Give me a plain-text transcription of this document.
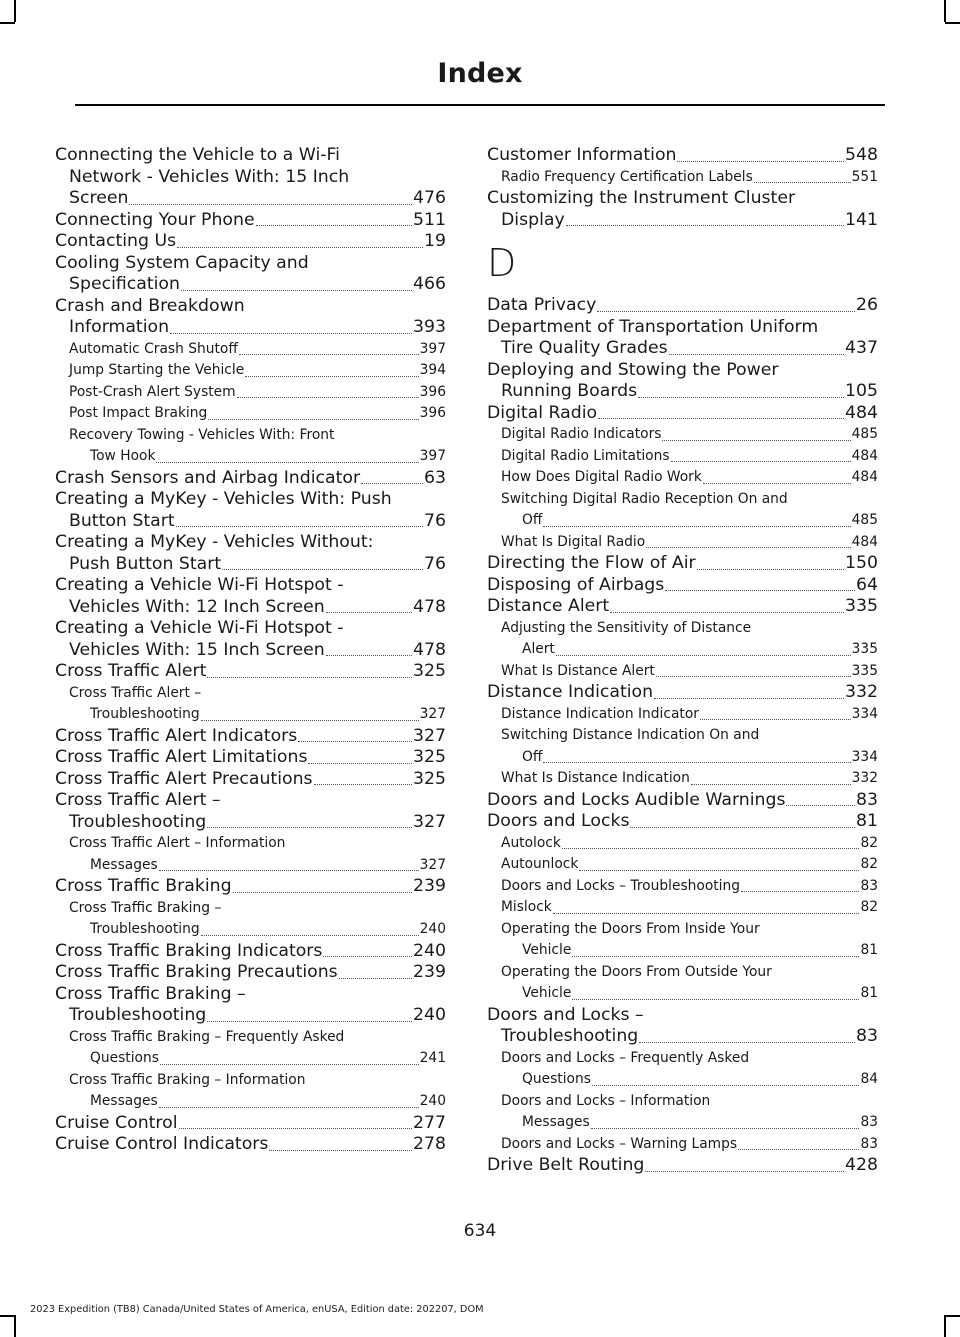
Index
Connecting the Vehicle to a Wi-Fi
Network - Vehicles With: 15 Inch
Screen	476
Connecting Your Phone	511
Contacting Us	19
Cooling System Capacity and
Specification	466
Crash and Breakdown
Information	393
Automatic Crash Shutoff	397
Jump Starting the Vehicle	394
Post-Crash Alert System	396
Post Impact Braking	396
Recovery Towing - Vehicles With: Front
Tow Hook	397
Crash Sensors and Airbag Indicator	63
Creating a MyKey - Vehicles With: Push
Button Start	76
Creating a MyKey - Vehicles Without:
Push Button Start	76
Creating a Vehicle Wi-Fi Hotspot -
Vehicles With: 12 Inch Screen	478
Creating a Vehicle Wi-Fi Hotspot -
Vehicles With: 15 Inch Screen	478
Cross Traffic Alert	325
Cross Traffic Alert –
Troubleshooting	327
Cross Traffic Alert Indicators	327
Cross Traffic Alert Limitations	325
Cross Traffic Alert Precautions	325
Cross Traffic Alert –
Troubleshooting	327
Cross Traffic Alert – Information
Messages	327
Cross Traffic Braking	239
Cross Traffic Braking –
Troubleshooting	240
Cross Traffic Braking Indicators	240
Cross Traffic Braking Precautions	239
Cross Traffic Braking –
Troubleshooting	240
Cross Traffic Braking – Frequently Asked
Questions	241
Cross Traffic Braking – Information
Messages	240
Cruise Control	277
Cruise Control Indicators	278
Customer Information	548
Radio Frequency Certification Labels	551
Customizing the Instrument Cluster
Display	141
D
Data Privacy	26
Department of Transportation Uniform
Tire Quality Grades	437
Deploying and Stowing the Power
Running Boards	105
Digital Radio	484
Digital Radio Indicators	485
Digital Radio Limitations	484
How Does Digital Radio Work	484
Switching Digital Radio Reception On and
Off	485
What Is Digital Radio	484
Directing the Flow of Air	150
Disposing of Airbags	64
Distance Alert	335
Adjusting the Sensitivity of Distance
Alert	335
What Is Distance Alert	335
Distance Indication	332
Distance Indication Indicator	334
Switching Distance Indication On and
Off	334
What Is Distance Indication	332
Doors and Locks Audible Warnings	83
Doors and Locks	81
Autolock	82
Autounlock	82
Doors and Locks – Troubleshooting	83
Mislock	82
Operating the Doors From Inside Your
Vehicle	81
Operating the Doors From Outside Your
Vehicle	81
Doors and Locks –
Troubleshooting	83
Doors and Locks – Frequently Asked
Questions	84
Doors and Locks – Information
Messages	83
Doors and Locks – Warning Lamps	83
Drive Belt Routing	428
634
2023 Expedition (TB8) Canada/United States of America, enUSA, Edition date: 202207, DOM
